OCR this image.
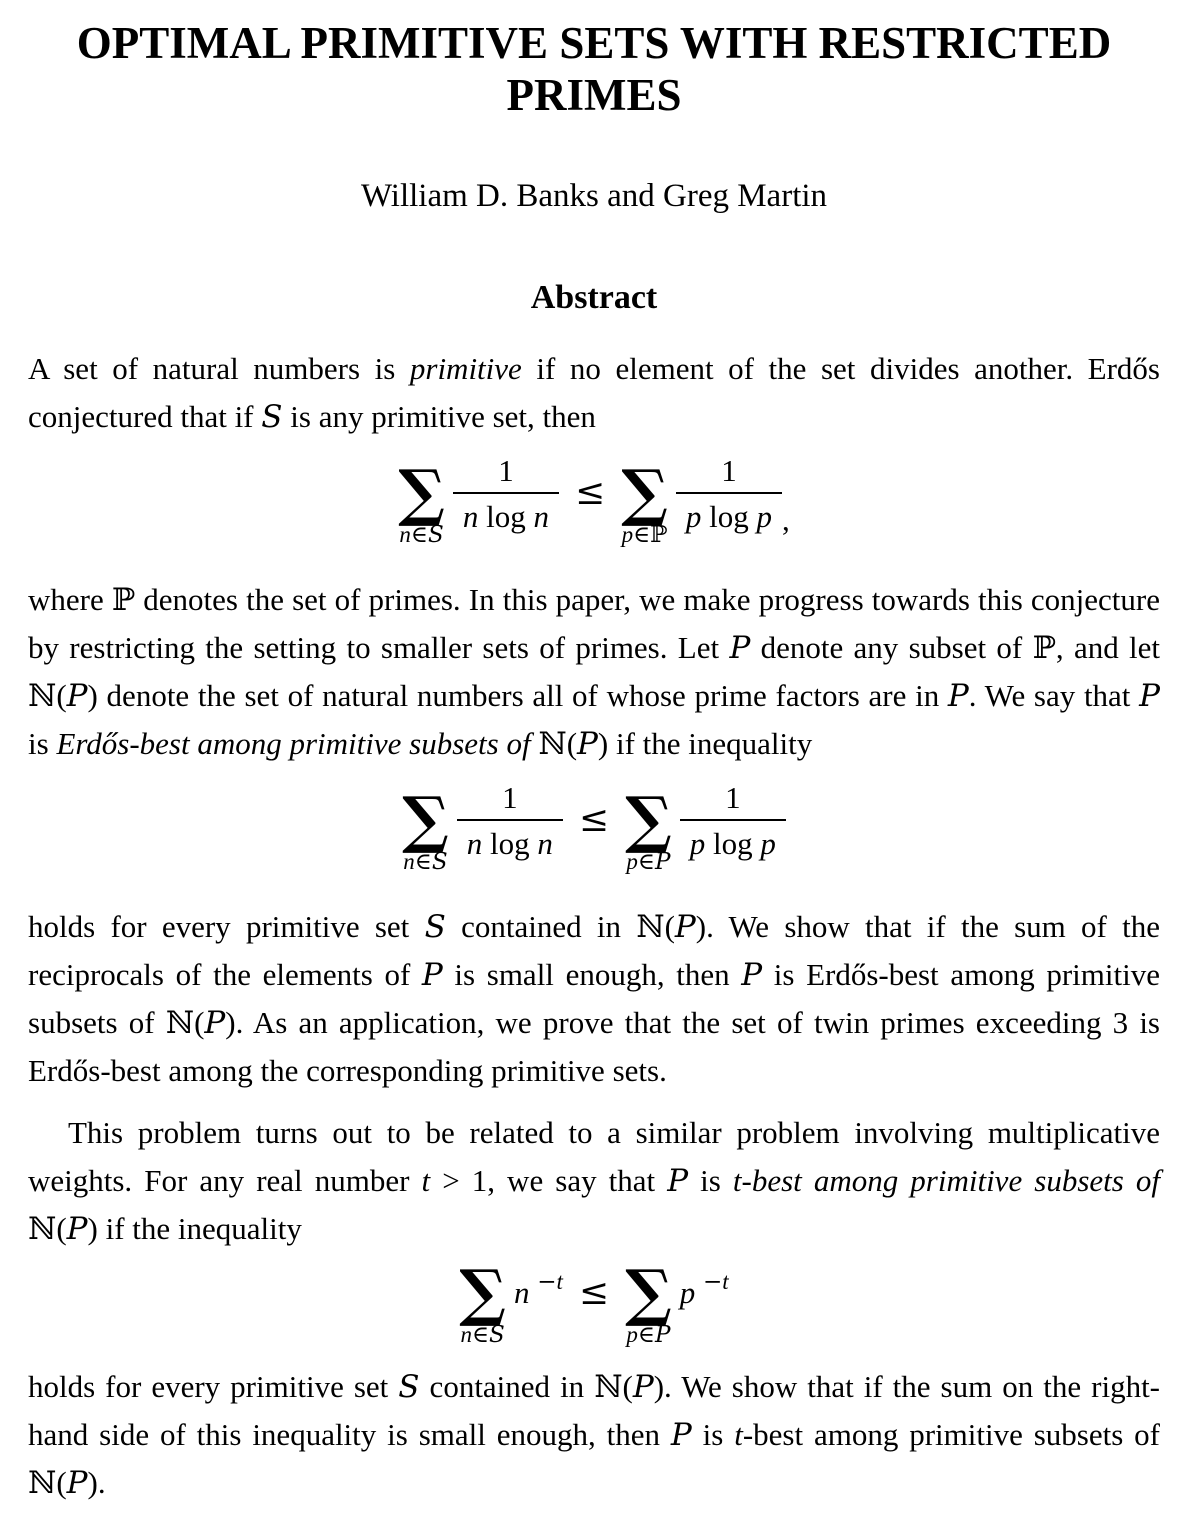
OPTIMAL PRIMITIVE SETS WITH RESTRICTED PRIMES
William D. Banks and Greg Martin
Abstract

A set of natural numbers is primitive if no element of the set divides another. Erdős conjectured that if S is any primitive set, then

∑
n∈S
$\frac{1}{\text{n log n}}$ ≤ ∑
p∈ℙ
$\frac{1}{\text{p log p}}$ ,

where ℙ denotes the set of primes. In this paper, we make progress towards this conjecture by restricting the setting to smaller sets of primes. Let P denote any subset of ℙ, and let ℕ(P) denote the set of natural numbers all of whose prime factors are in P. We say that P is Erdős-best among primitive subsets of ℕ(P) if the inequality

∑
n∈S
$\frac{1}{\text{n log n}}$ ≤ ∑
p∈P
$\frac{1}{\text{p log p}}$

holds for every primitive set S contained in ℕ(P). We show that if the sum of the reciprocals of the elements of P is small enough, then P is Erdős-best among primitive subsets of ℕ(P). As an application, we prove that the set of twin primes exceeding 3 is Erdős-best among the corresponding primitive sets.

This problem turns out to be related to a similar problem involving multiplicative weights. For any real number t > 1, we say that P is t-best among primitive subsets of ℕ(P) if the inequality

∑
n∈S
n $^{-t}$ ≤ ∑
p∈P
p $^{-t}$

holds for every primitive set S contained in ℕ(P). We show that if the sum on the right-hand side of this inequality is small enough, then P is t-best among primitive subsets of ℕ(P).
